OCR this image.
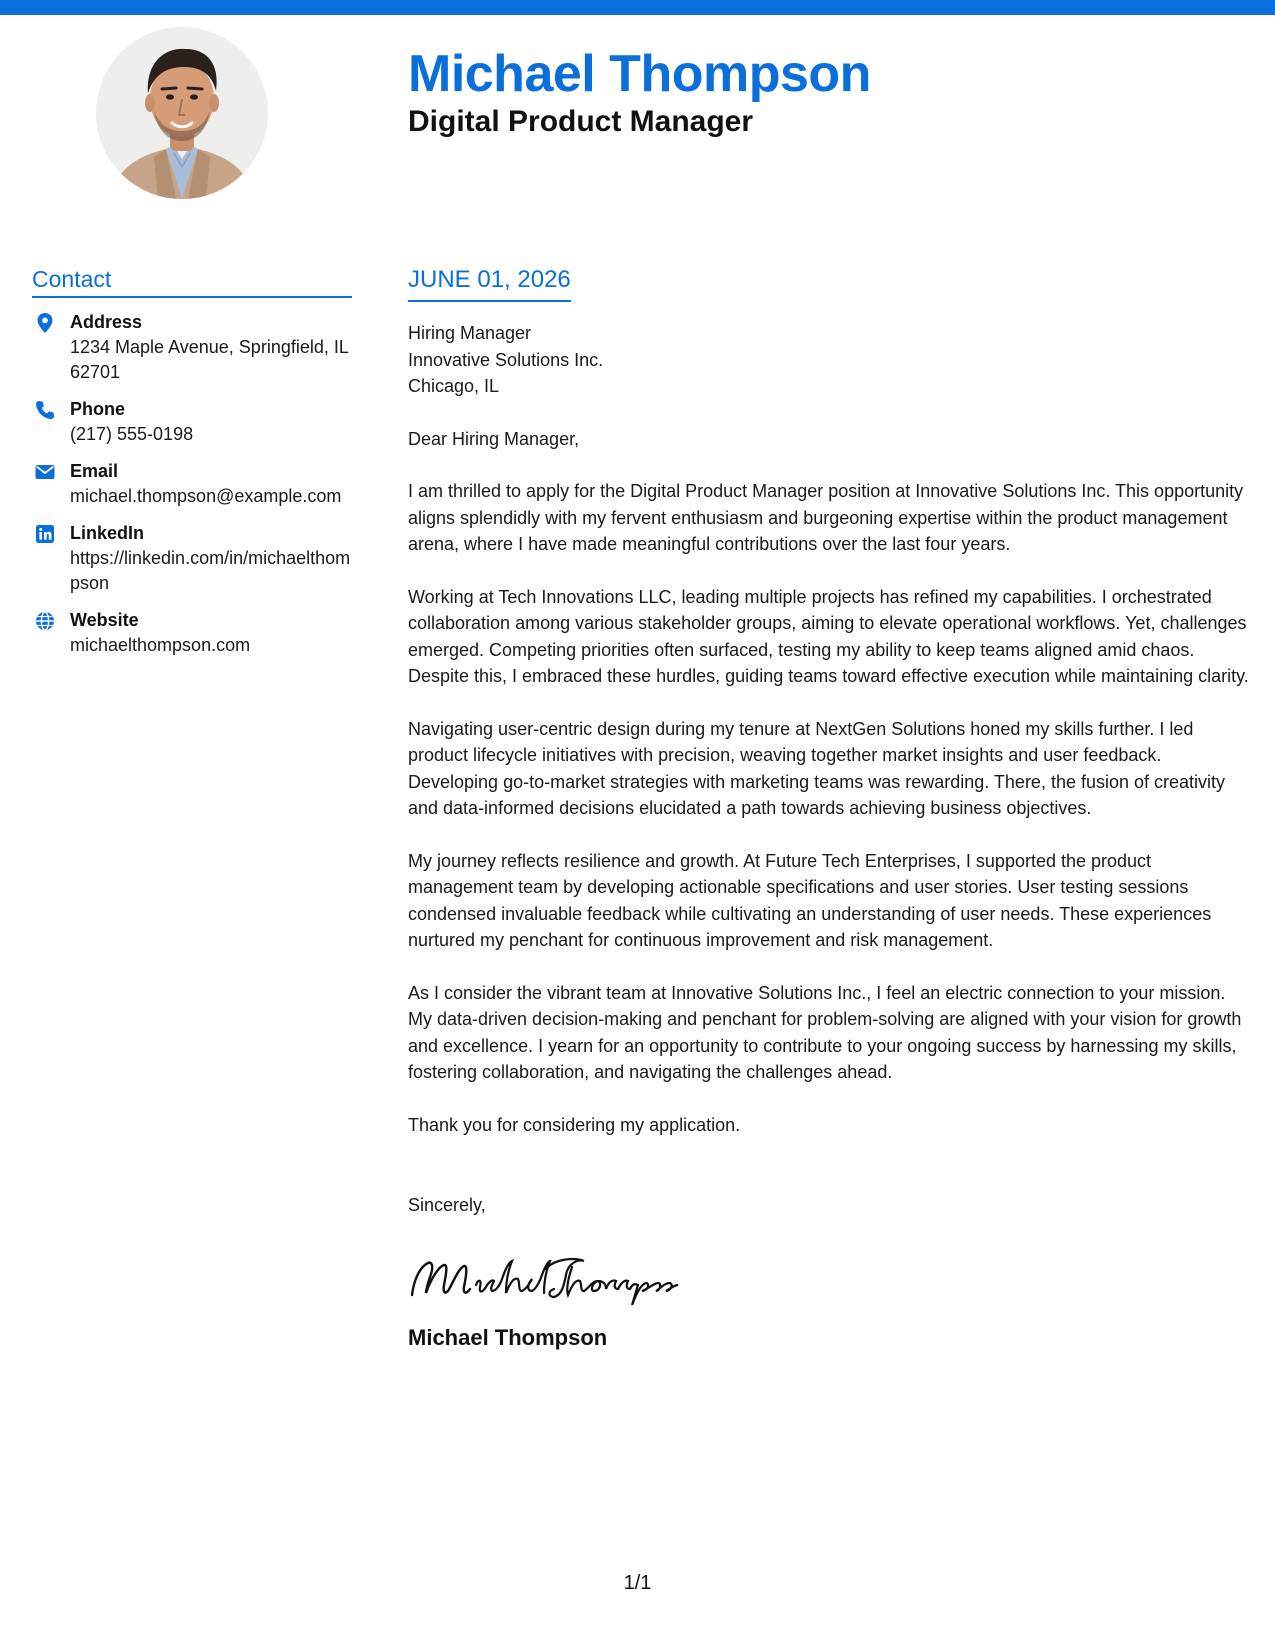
Michael Thompson
Digital Product Manager
Contact
Address
1234 Maple Avenue, Springfield, IL 62701
Phone
(217) 555-0198
Email
michael.thompson@example.com
LinkedIn
https://linkedin.com/in/michaelthompson
Website
michaelthompson.com
JUNE 01, 2026
Hiring Manager
Innovative Solutions Inc.
Chicago, IL

Dear Hiring Manager,

I am thrilled to apply for the Digital Product Manager position at Innovative Solutions Inc. This opportunity aligns splendidly with my fervent enthusiasm and burgeoning expertise within the product management arena, where I have made meaningful contributions over the last four years.

Working at Tech Innovations LLC, leading multiple projects has refined my capabilities. I orchestrated collaboration among various stakeholder groups, aiming to elevate operational workflows. Yet, challenges emerged. Competing priorities often surfaced, testing my ability to keep teams aligned amid chaos. Despite this, I embraced these hurdles, guiding teams toward effective execution while maintaining clarity.

Navigating user-centric design during my tenure at NextGen Solutions honed my skills further. I led product lifecycle initiatives with precision, weaving together market insights and user feedback. Developing go-to-market strategies with marketing teams was rewarding. There, the fusion of creativity and data-informed decisions elucidated a path towards achieving business objectives.

My journey reflects resilience and growth. At Future Tech Enterprises, I supported the product management team by developing actionable specifications and user stories. User testing sessions condensed invaluable feedback while cultivating an understanding of user needs. These experiences nurtured my penchant for continuous improvement and risk management.

As I consider the vibrant team at Innovative Solutions Inc., I feel an electric connection to your mission. My data-driven decision-making and penchant for problem-solving are aligned with your vision for growth and excellence. I yearn for an opportunity to contribute to your ongoing success by harnessing my skills, fostering collaboration, and navigating the challenges ahead.

Thank you for considering my application.

Sincerely,

Michael Thompson
1/1
